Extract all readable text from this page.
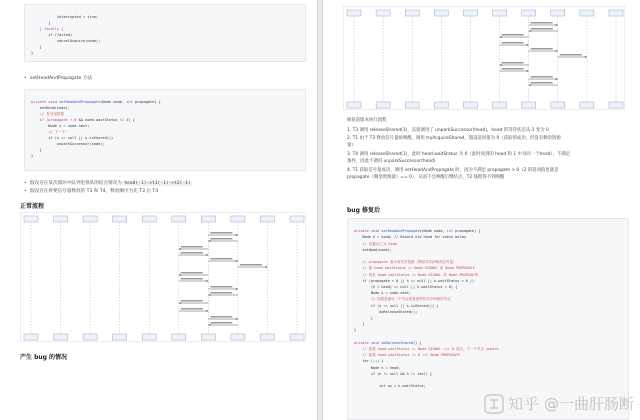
interrupted = true;
}
} finally {
if (failed)
cancelAcquire(node);
}
}
• setHeadAndPropagate 方法

private void setHeadAndPropagate(Node node, int propagate) {
setHead(node);
// 有空闲资源
if (propagate > 0 && node.waitStatus != 0) {
Node s = node.next;
// 下一个
if (s == null || s.isShared())
unparkSuccessor(node);
}
}
• 假设存在某次循环中队列里排队的结点情况为 head(-1)->t1(-1)->t2(-1)
• 假设存在将要信号量释放的 T3 和 T4，释放顺序为先 T3 后 T4
正常流程
产生 bug 的情况
修复前版本执行流程
1. T3 调用 releaseShared(1)，直接调用了 unparkSuccessor(head)，head 的等待状态从-1 变为 0
2. T1 由于 T3 释放信号量被唤醒，调用 tryAcquireShared，假设返回值为 0（获取锁成功，但没有剩余资源
量）
3. T4 调用 releaseShared(1)，此时 head.waitStatus 为 0（此时读到的 head 和 1 中为同一个head），不满足
条件，因此不调用 unparkSuccessor(head)
4. T1 获取信号量成功，调用 setHeadAndPropagate 时，因为不满足 propagate > 0（2 的返回值也就是
propagate（剩余资源量）== 0），从而不会唤醒后继结点，T2 线程得不到唤醒
bug 修复后

private void setHeadAndPropagate(Node node, int propagate) {
Node h = head; // Record old head for check below
// 设置自己为 head
setHead(node);

// propagate 表示有共享资源（例如共享读锁或信号量）
// 原 head waitStatus == Node.SIGNAL 或 Node.PROPAGATE
// 现在 head waitStatus == Node.SIGNAL 或 Node.PROPAGATE
if (propagate > 0 || h == null || h.waitStatus < 0 ||
(h = head) == null || h.waitStatus < 0) {
Node s = node.next;
// 如果是最后一个节点或者是等待共享读锁的节点
if (s == null || s.isShared()) {
doReleaseShared();
}
}
}

private void doReleaseShared() {
// 如果 head.waitStatus == Node.SIGNAL ==> 0 成功，下一个节点 unpark
// 如果 head.waitStatus == 0 ==> Node.PROPAGATE
for (;;) {
Node h = head;
if (h != null && h != tail) {

int ws = h.waitStatus;
知乎 @一曲肝肠断
